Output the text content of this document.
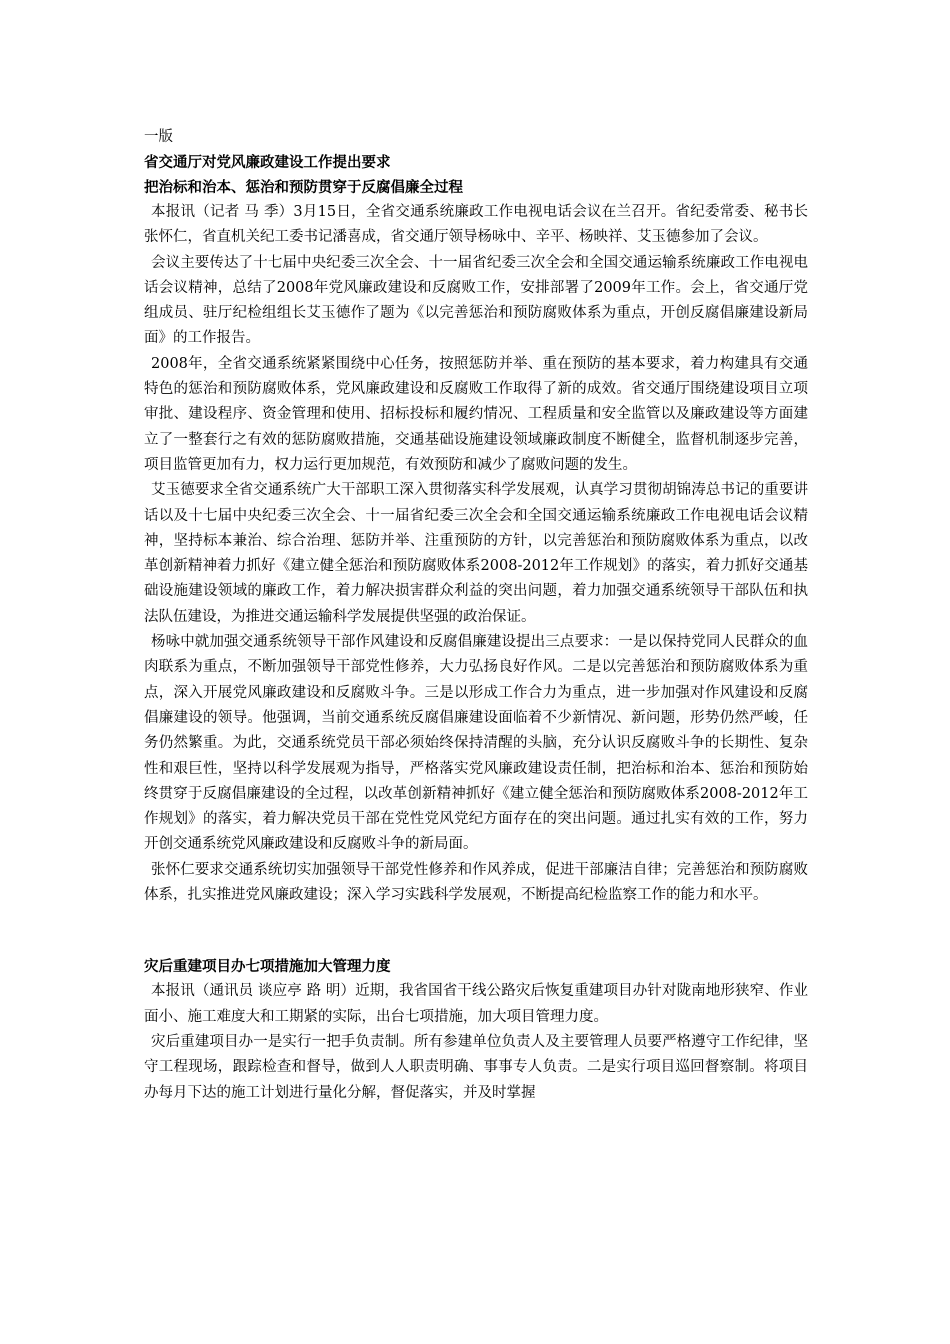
一版

省交通厅对党风廉政建设工作提出要求

把治标和治本、惩治和预防贯穿于反腐倡廉全过程

本报讯（记者 马 季）3月15日，全省交通系统廉政工作电视电话会议在兰召开。省纪委常委、秘书长张怀仁，省直机关纪工委书记潘喜成，省交通厅领导杨咏中、辛平、杨映祥、艾玉德参加了会议。

会议主要传达了十七届中央纪委三次全会、十一届省纪委三次全会和全国交通运输系统廉政工作电视电话会议精神，总结了2008年党风廉政建设和反腐败工作，安排部署了2009年工作。会上，省交通厅党组成员、驻厅纪检组组长艾玉德作了题为《以完善惩治和预防腐败体系为重点，开创反腐倡廉建设新局面》的工作报告。

2008年，全省交通系统紧紧围绕中心任务，按照惩防并举、重在预防的基本要求，着力构建具有交通特色的惩治和预防腐败体系，党风廉政建设和反腐败工作取得了新的成效。省交通厅围绕建设项目立项审批、建设程序、资金管理和使用、招标投标和履约情况、工程质量和安全监管以及廉政建设等方面建立了一整套行之有效的惩防腐败措施，交通基础设施建设领域廉政制度不断健全，监督机制逐步完善，项目监管更加有力，权力运行更加规范，有效预防和减少了腐败问题的发生。

艾玉德要求全省交通系统广大干部职工深入贯彻落实科学发展观，认真学习贯彻胡锦涛总书记的重要讲话以及十七届中央纪委三次全会、十一届省纪委三次全会和全国交通运输系统廉政工作电视电话会议精神，坚持标本兼治、综合治理、惩防并举、注重预防的方针，以完善惩治和预防腐败体系为重点，以改革创新精神着力抓好《建立健全惩治和预防腐败体系2008-2012年工作规划》的落实，着力抓好交通基础设施建设领域的廉政工作，着力解决损害群众利益的突出问题，着力加强交通系统领导干部队伍和执法队伍建设，为推进交通运输科学发展提供坚强的政治保证。

杨咏中就加强交通系统领导干部作风建设和反腐倡廉建设提出三点要求：一是以保持党同人民群众的血肉联系为重点，不断加强领导干部党性修养，大力弘扬良好作风。二是以完善惩治和预防腐败体系为重点，深入开展党风廉政建设和反腐败斗争。三是以形成工作合力为重点，进一步加强对作风建设和反腐倡廉建设的领导。他强调，当前交通系统反腐倡廉建设面临着不少新情况、新问题，形势仍然严峻，任务仍然繁重。为此，交通系统党员干部必须始终保持清醒的头脑，充分认识反腐败斗争的长期性、复杂性和艰巨性，坚持以科学发展观为指导，严格落实党风廉政建设责任制，把治标和治本、惩治和预防始终贯穿于反腐倡廉建设的全过程，以改革创新精神抓好《建立健全惩治和预防腐败体系2008-2012年工作规划》的落实，着力解决党员干部在党性党风党纪方面存在的突出问题。通过扎实有效的工作，努力开创交通系统党风廉政建设和反腐败斗争的新局面。

张怀仁要求交通系统切实加强领导干部党性修养和作风养成，促进干部廉洁自律；完善惩治和预防腐败体系，扎实推进党风廉政建设；深入学习实践科学发展观，不断提高纪检监察工作的能力和水平。

灾后重建项目办七项措施加大管理力度

本报讯（通讯员 谈应亭 路 明）近期，我省国省干线公路灾后恢复重建项目办针对陇南地形狭窄、作业面小、施工难度大和工期紧的实际，出台七项措施，加大项目管理力度。

灾后重建项目办一是实行一把手负责制。所有参建单位负责人及主要管理人员要严格遵守工作纪律，坚守工程现场，跟踪检查和督导，做到人人职责明确、事事专人负责。二是实行项目巡回督察制。将项目办每月下达的施工计划进行量化分解，督促落实，并及时掌握
